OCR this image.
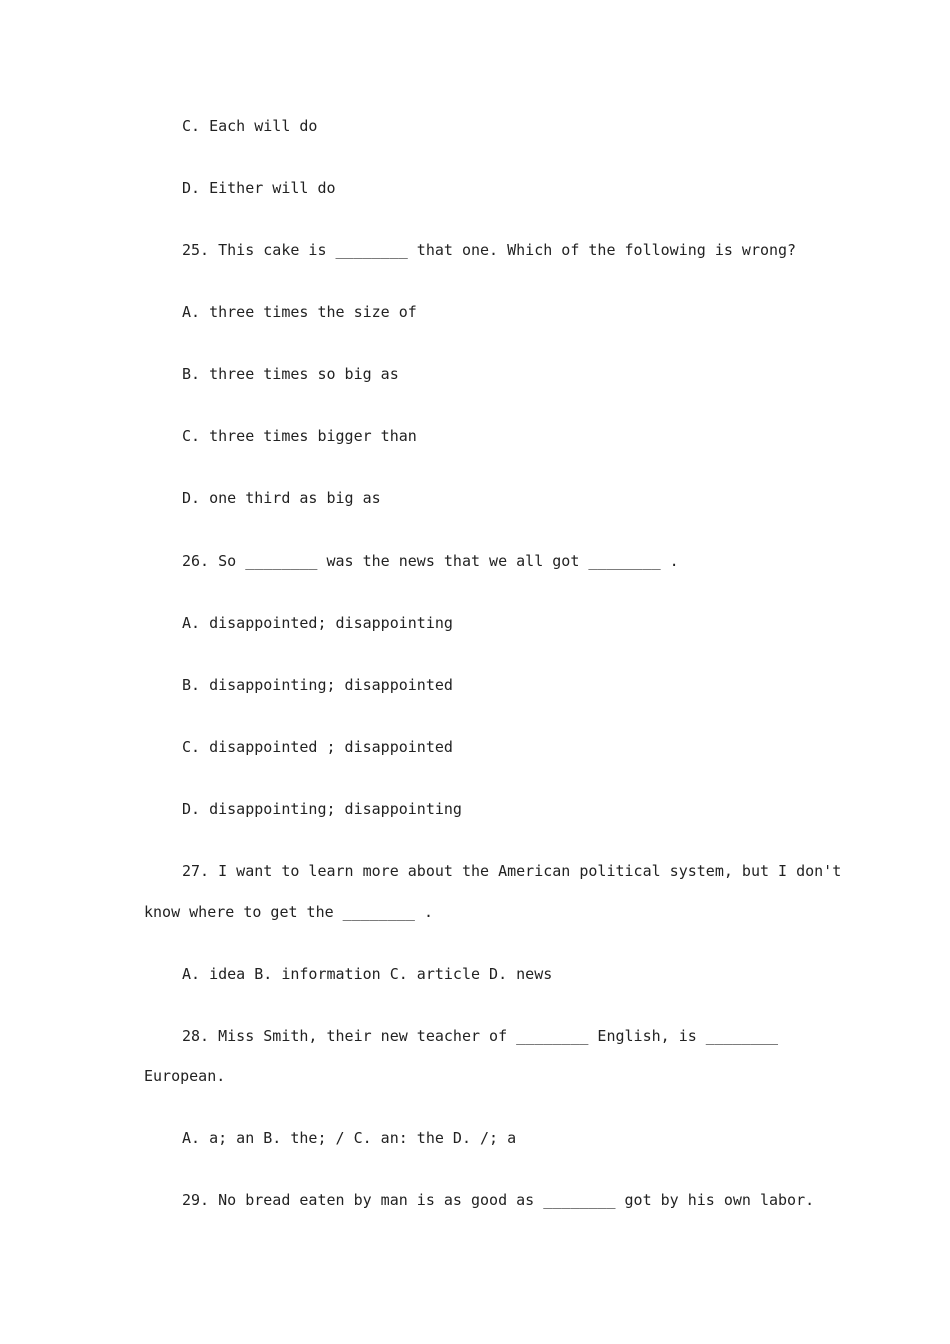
C. Each will do
D. Either will do
25. This cake is ________ that one. Which of the following is wrong?
A. three times the size of
B. three times so big as
C. three times bigger than
D. one third as big as
26. So ________ was the news that we all got ________ .
A. disappointed; disappointing
B. disappointing; disappointed
C. disappointed ; disappointed
D. disappointing; disappointing
27. I want to learn more about the American political system, but I don't
know where to get the ________ .
A. idea B. information C. article D. news
28. Miss Smith, their new teacher of ________ English, is ________
European.
A. a; an B. the; / C. an: the D. /; a
29. No bread eaten by man is as good as ________ got by his own labor.
